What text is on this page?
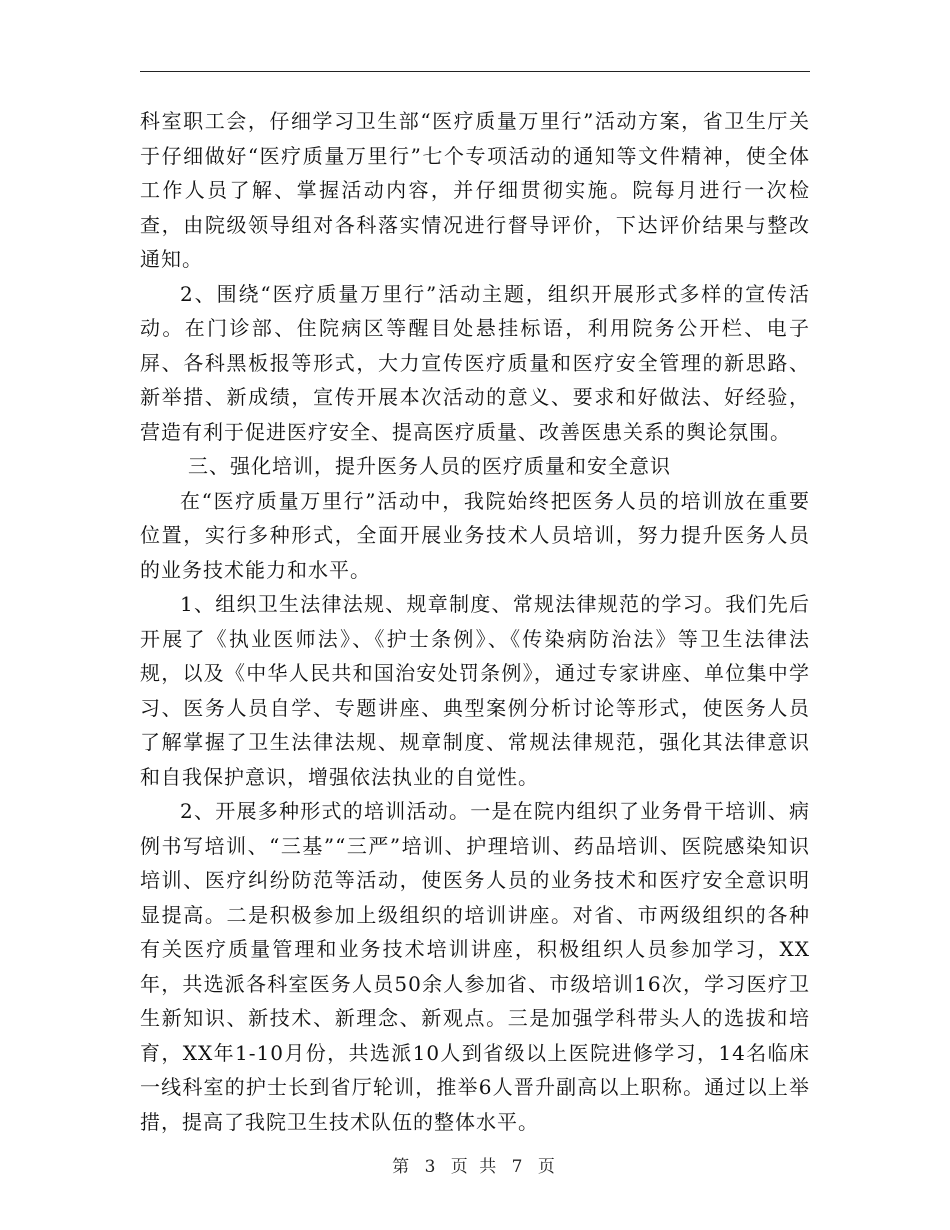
科室职工会，仔细学习卫生部“医疗质量万里行”活动方案，省卫生厅关于仔细做好“医疗质量万里行”七个专项活动的通知等文件精神，使全体工作人员了解、掌握活动内容，并仔细贯彻实施。院每月进行一次检查，由院级领导组对各科落实情况进行督导评价，下达评价结果与整改通知。

2、围绕“医疗质量万里行”活动主题，组织开展形式多样的宣传活动。在门诊部、住院病区等醒目处悬挂标语，利用院务公开栏、电子屏、各科黑板报等形式，大力宣传医疗质量和医疗安全管理的新思路、新举措、新成绩，宣传开展本次活动的意义、要求和好做法、好经验，营造有利于促进医疗安全、提高医疗质量、改善医患关系的舆论氛围。

三、强化培训，提升医务人员的医疗质量和安全意识

在“医疗质量万里行”活动中，我院始终把医务人员的培训放在重要位置，实行多种形式，全面开展业务技术人员培训，努力提升医务人员的业务技术能力和水平。

1、组织卫生法律法规、规章制度、常规法律规范的学习。我们先后开展了《执业医师法》、《护士条例》、《传染病防治法》等卫生法律法规，以及《中华人民共和国治安处罚条例》，通过专家讲座、单位集中学习、医务人员自学、专题讲座、典型案例分析讨论等形式，使医务人员了解掌握了卫生法律法规、规章制度、常规法律规范，强化其法律意识和自我保护意识，增强依法执业的自觉性。

2、开展多种形式的培训活动。一是在院内组织了业务骨干培训、病例书写培训、“三基”“三严”培训、护理培训、药品培训、医院感染知识培训、医疗纠纷防范等活动，使医务人员的业务技术和医疗安全意识明显提高。二是积极参加上级组织的培训讲座。对省、市两级组织的各种有关医疗质量管理和业务技术培训讲座，积极组织人员参加学习，XX年，共选派各科室医务人员50余人参加省、市级培训16次，学习医疗卫生新知识、新技术、新理念、新观点。三是加强学科带头人的选拔和培育，XX年1-10月份，共选派10人到省级以上医院进修学习，14名临床一线科室的护士长到省厅轮训，推举6人晋升副高以上职称。通过以上举措，提高了我院卫生技术队伍的整体水平。

第 3 页 共 7 页
